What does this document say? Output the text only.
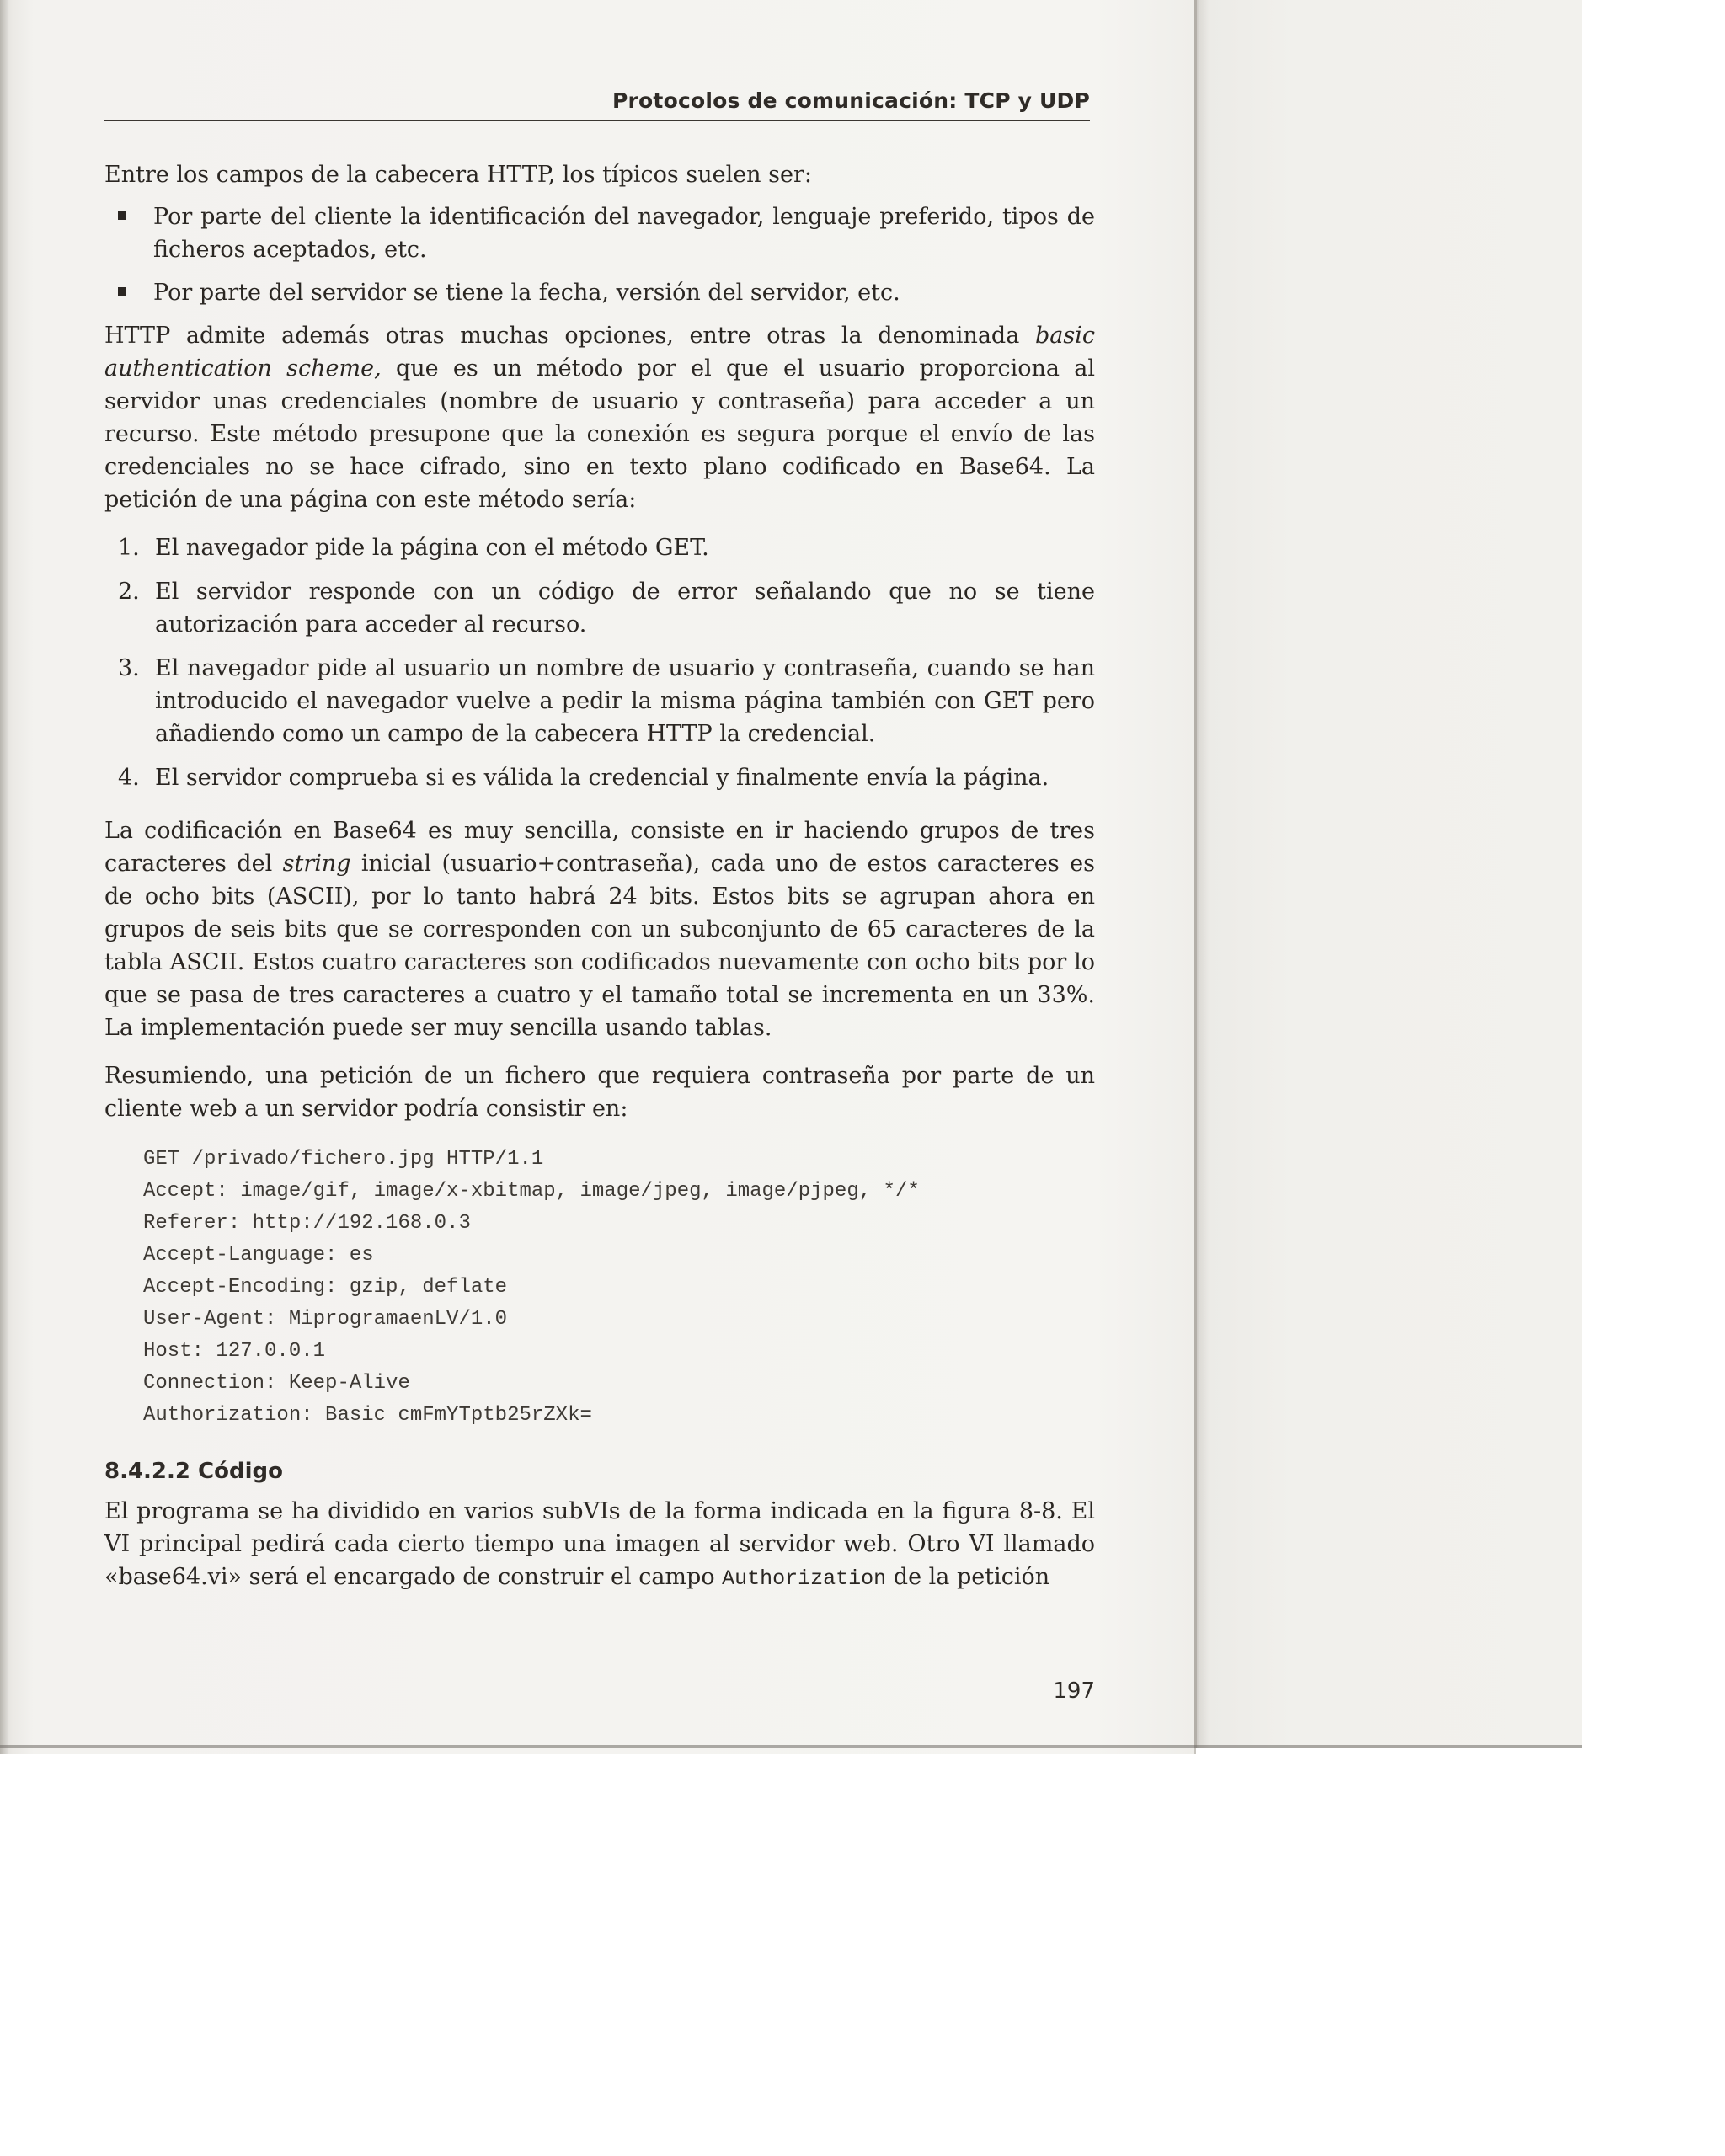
Protocolos de comunicación: TCP y UDP

Entre los campos de la cabecera HTTP, los típicos suelen ser:

Por parte del cliente la identificación del navegador, lenguaje preferido, tipos de ficheros aceptados, etc.
Por parte del servidor se tiene la fecha, versión del servidor, etc.

HTTP admite además otras muchas opciones, entre otras la denominada basic authentication scheme, que es un método por el que el usuario proporciona al servidor unas credenciales (nombre de usuario y contraseña) para acceder a un recurso. Este método presupone que la conexión es segura porque el envío de las credenciales no se hace cifrado, sino en texto plano codificado en Base64. La petición de una página con este método sería:

1. El navegador pide la página con el método GET.
2. El servidor responde con un código de error señalando que no se tiene autorización para acceder al recurso.
3. El navegador pide al usuario un nombre de usuario y contraseña, cuando se han introducido el navegador vuelve a pedir la misma página también con GET pero añadiendo como un campo de la cabecera HTTP la credencial.
4. El servidor comprueba si es válida la credencial y finalmente envía la página.

La codificación en Base64 es muy sencilla, consiste en ir haciendo grupos de tres caracteres del string inicial (usuario+contraseña), cada uno de estos caracteres es de ocho bits (ASCII), por lo tanto habrá 24 bits. Estos bits se agrupan ahora en grupos de seis bits que se corresponden con un subconjunto de 65 caracteres de la tabla ASCII. Estos cuatro caracteres son codificados nuevamente con ocho bits por lo que se pasa de tres caracteres a cuatro y el tamaño total se incrementa en un 33%. La implementación puede ser muy sencilla usando tablas.

Resumiendo, una petición de un fichero que requiera contraseña por parte de un cliente web a un servidor podría consistir en:

GET /privado/fichero.jpg HTTP/1.1
Accept: image/gif, image/x-xbitmap, image/jpeg, image/pjpeg, */*
Referer: http://192.168.0.3
Accept-Language: es
Accept-Encoding: gzip, deflate
User-Agent: MiprogramaenLV/1.0
Host: 127.0.0.1
Connection: Keep-Alive
Authorization: Basic cmFmYTptb25rZXk=
8.4.2.2 Código

El programa se ha dividido en varios subVIs de la forma indicada en la figura 8-8. El VI principal pedirá cada cierto tiempo una imagen al servidor web. Otro VI llamado «base64.vi» será el encargado de construir el campo Authorization de la petición

197
